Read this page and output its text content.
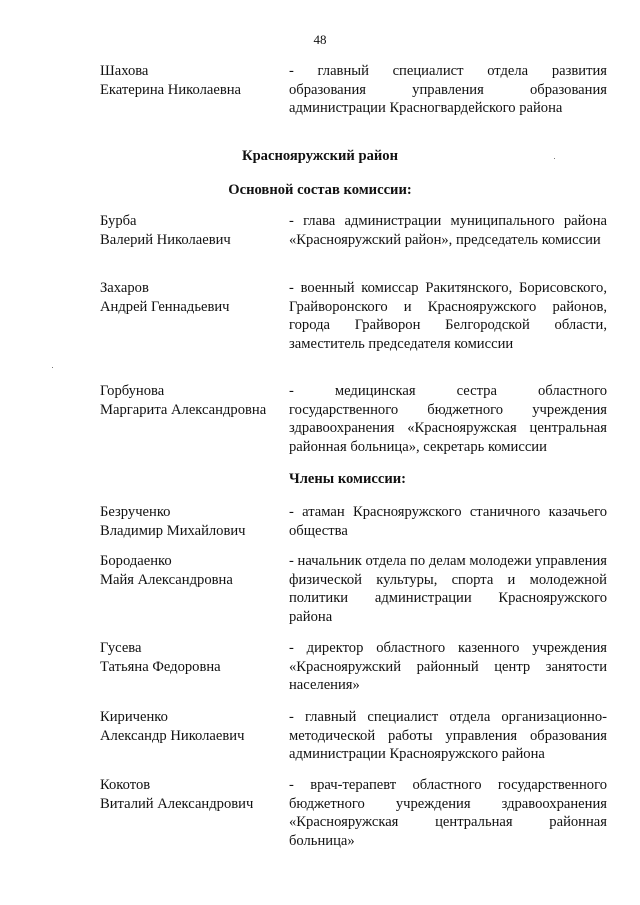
48
Шахова
Екатерина Николаевна
- главный специалист отдела развития образования управления образования администрации Красногвардейского района
Краснояружский район
Основной состав комиссии:
Бурба
Валерий Николаевич
- глава администрации муниципального района «Краснояружский район», председатель комиссии
Захаров
Андрей Геннадьевич
- военный комиссар Ракитянского, Борисовского, Грайворонского и Краснояружского районов, города Грайворон Белгородской области, заместитель председателя комиссии
Горбунова
Маргарита Александровна
- медицинская сестра областного государственного бюджетного учреждения здравоохранения «Краснояружская центральная районная больница», секретарь комиссии
Члены комиссии:
Безрученко
Владимир Михайлович
- атаман Краснояружского станичного казачьего общества
Бородаенко
Майя Александровна
- начальник отдела по делам молодежи управления физической культуры, спорта и молодежной политики администрации Краснояружского района
Гусева
Татьяна Федоровна
- директор областного казенного учреждения «Краснояружский районный центр занятости населения»
Кириченко
Александр Николаевич
- главный специалист отдела организационно-методической работы управления образования администрации Краснояружского района
Кокотов
Виталий Александрович
- врач-терапевт областного государственного бюджетного учреждения здравоохранения «Краснояружская центральная районная больница»
